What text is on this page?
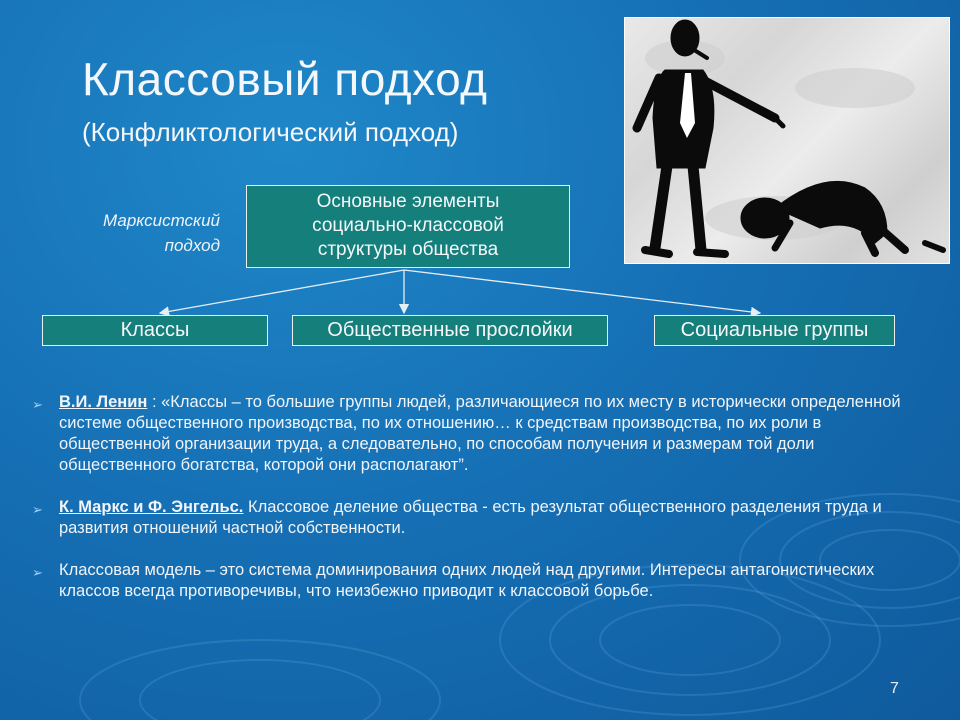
Классовый подход
(Конфликтологический подход)
Марксистский
подход
Основные элементы
социально-классовой
структуры общества
Классы	Общественные прослойки	Социальные группы
➢ В.И. Ленин : «Классы – то большие группы людей, различающиеся по их месту в исторически определенной системе общественного производства, по их отношению… к средствам производства, по их роли в общественной организации труда, а следовательно, по способам получения и размерам той доли общественного богатства, которой они располагают”.
➢ К. Маркс и Ф. Энгельс. Классовое деление общества - есть результат общественного разделения труда и развития отношений частной собственности.
➢ Классовая модель – это система доминирования одних людей над другими. Интересы антагонистических классов всегда противоречивы, что неизбежно приводит к классовой борьбе.
7
